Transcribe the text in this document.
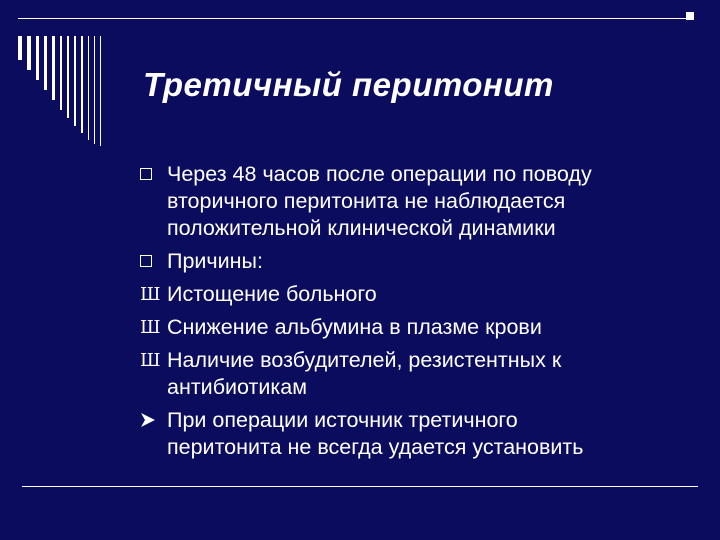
Третичный перитонит
Через 48 часов после операции по поводу
вторичного перитонита не наблюдается
положительной клинической динамики
Причины:
Ш Истощение больного
Ш Снижение альбумина в плазме крови
Ш Наличие возбудителей, резистентных к
антибиотикам
При операции источник третичного
перитонита не всегда удается установить
